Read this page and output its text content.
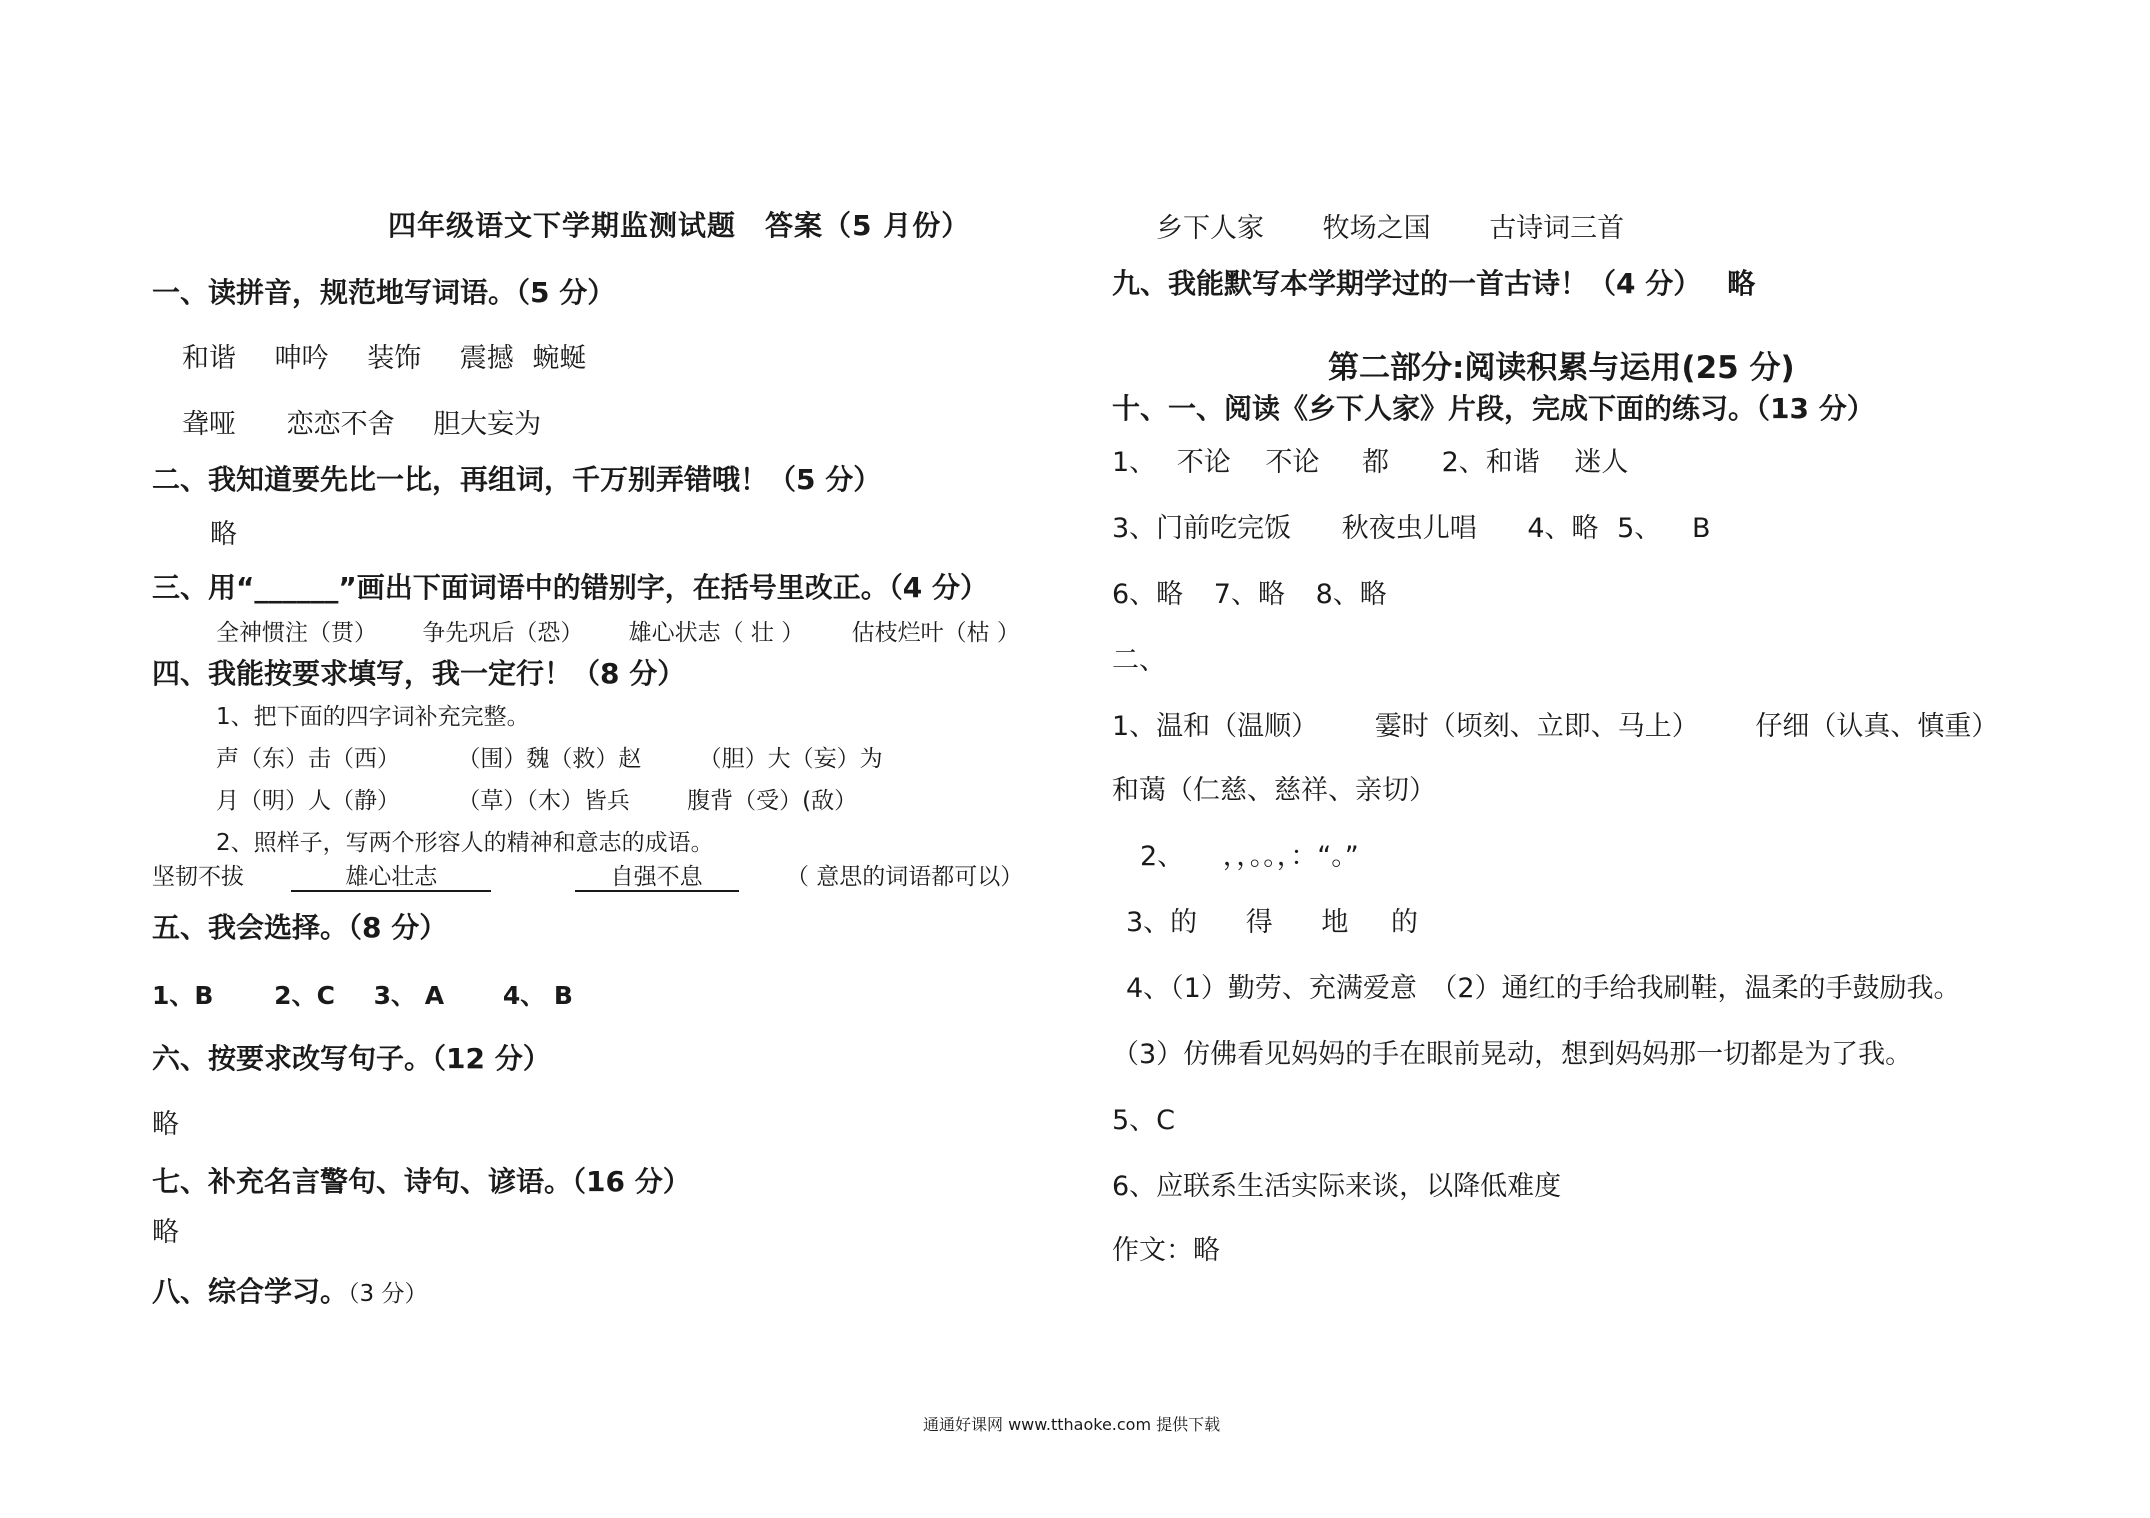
四年级语文下学期监测试题　答案（5 月份）
一、读拼音，规范地写词语。（5 分）
和谐 呻吟 装饰 震撼 蜿蜒
聋哑 恋恋不舍 胆大妄为
二、我知道要先比一比，再组词，千万别弄错哦！（5 分）
略
三、用“______”画出下面词语中的错别字，在括号里改正。（4 分）
全神惯注（贯） 争先巩后（恐） 雄心状志（ 壮 ） 估枝烂叶（枯 ）
四、我能按要求填写，我一定行！（8 分）
1、把下面的四字词补充完整。
声（东）击（西） （围）魏（救）赵 （胆）大（妄）为
月（明）人（静） （草）（木）皆兵 腹背（受）(敌）
2、照样子，写两个形容人的精神和意志的成语。
坚韧不拔	雄心壮志	自强不息	（ 意思的词语都可以）
五、我会选择。（8 分）
1、B 2、C 3、 A 4、 B
六、按要求改写句子。（12 分）
略
七、补充名言警句、诗句、谚语。（16 分）
略
八、综合学习。（3 分）
乡下人家 牧场之国 古诗词三首
九、我能默写本学期学过的一首古诗！（4 分） 略
第二部分:阅读积累与运用(25 分)
十、一、阅读《乡下人家》片段，完成下面的练习。（13 分）
1、 不论 不论 都 2、和谐 迷人
3、门前吃完饭 秋夜虫儿唱 4、略 5、 B
6、略 7、略 8、略
二、
1、温和（温顺） 霎时（顷刻、立即、马上） 仔细（认真、慎重）
和蔼（仁慈、慈祥、亲切）
2、 ，，。。，：“。”
3、的 得 地 的
4、（1）勤劳、充满爱意　（2）通红的手给我刷鞋，温柔的手鼓励我。
（3）仿佛看见妈妈的手在眼前晃动，想到妈妈那一切都是为了我。
5、C
6、应联系生活实际来谈，以降低难度
作文：略
通通好课网 www.tthaoke.com 提供下载
